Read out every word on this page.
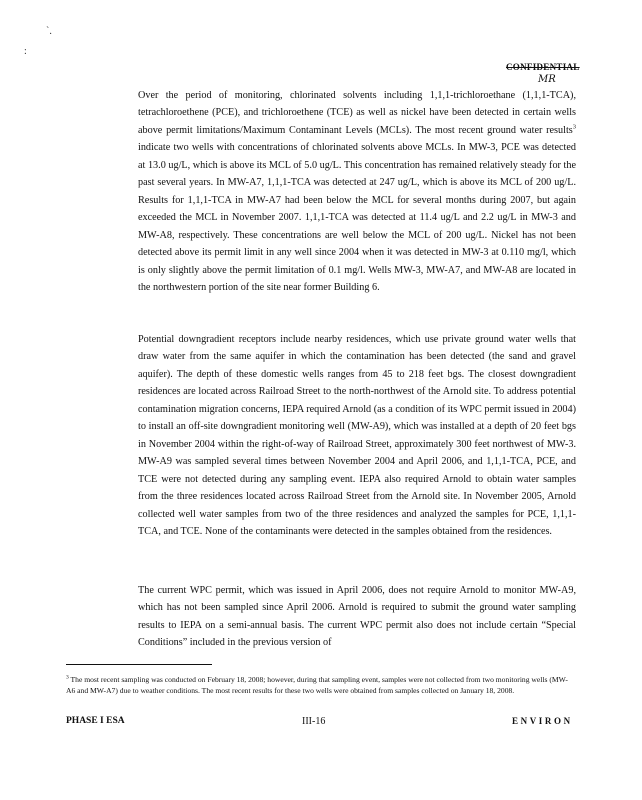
`.
:
CONFIDENTIAL
MR
Over the period of monitoring, chlorinated solvents including 1,1,1-trichloroethane (1,1,1-TCA), tetrachloroethene (PCE), and trichloroethene (TCE) as well as nickel have been detected in certain wells above permit limitations/Maximum Contaminant Levels (MCLs). The most recent ground water results$^3$ indicate two wells with concentrations of chlorinated solvents above MCLs. In MW-3, PCE was detected at 13.0 ug/L, which is above its MCL of 5.0 ug/L. This concentration has remained relatively steady for the past several years. In MW-A7, 1,1,1-TCA was detected at 247 ug/L, which is above its MCL of 200 ug/L. Results for 1,1,1-TCA in MW-A7 had been below the MCL for several months during 2007, but again exceeded the MCL in November 2007. 1,1,1-TCA was detected at 11.4 ug/L and 2.2 ug/L in MW-3 and MW-A8, respectively. These concentrations are well below the MCL of 200 ug/L. Nickel has not been detected above its permit limit in any well since 2004 when it was detected in MW-3 at 0.110 mg/l, which is only slightly above the permit limitation of 0.1 mg/l. Wells MW-3, MW-A7, and MW-A8 are located in the northwestern portion of the site near former Building 6.
Potential downgradient receptors include nearby residences, which use private ground water wells that draw water from the same aquifer in which the contamination has been detected (the sand and gravel aquifer). The depth of these domestic wells ranges from 45 to 218 feet bgs. The closest downgradient residences are located across Railroad Street to the north-northwest of the Arnold site. To address potential contamination migration concerns, IEPA required Arnold (as a condition of its WPC permit issued in 2004) to install an off-site downgradient monitoring well (MW-A9), which was installed at a depth of 20 feet bgs in November 2004 within the right-of-way of Railroad Street, approximately 300 feet northwest of MW-3. MW-A9 was sampled several times between November 2004 and April 2006, and 1,1,1-TCA, PCE, and TCE were not detected during any sampling event. IEPA also required Arnold to obtain water samples from the three residences located across Railroad Street from the Arnold site. In November 2005, Arnold collected well water samples from two of the three residences and analyzed the samples for PCE, 1,1,1-TCA, and TCE. None of the contaminants were detected in the samples obtained from the residences.
The current WPC permit, which was issued in April 2006, does not require Arnold to monitor MW-A9, which has not been sampled since April 2006. Arnold is required to submit the ground water sampling results to IEPA on a semi-annual basis. The current WPC permit also does not include certain “Special Conditions” included in the previous version of
$^3$ The most recent sampling was conducted on February 18, 2008; however, during that sampling event, samples were not collected from two monitoring wells (MW-A6 and MW-A7) due to weather conditions. The most recent results for these two wells were obtained from samples collected on January 18, 2008.
PHASE I ESA	III-16	ENVIRON
